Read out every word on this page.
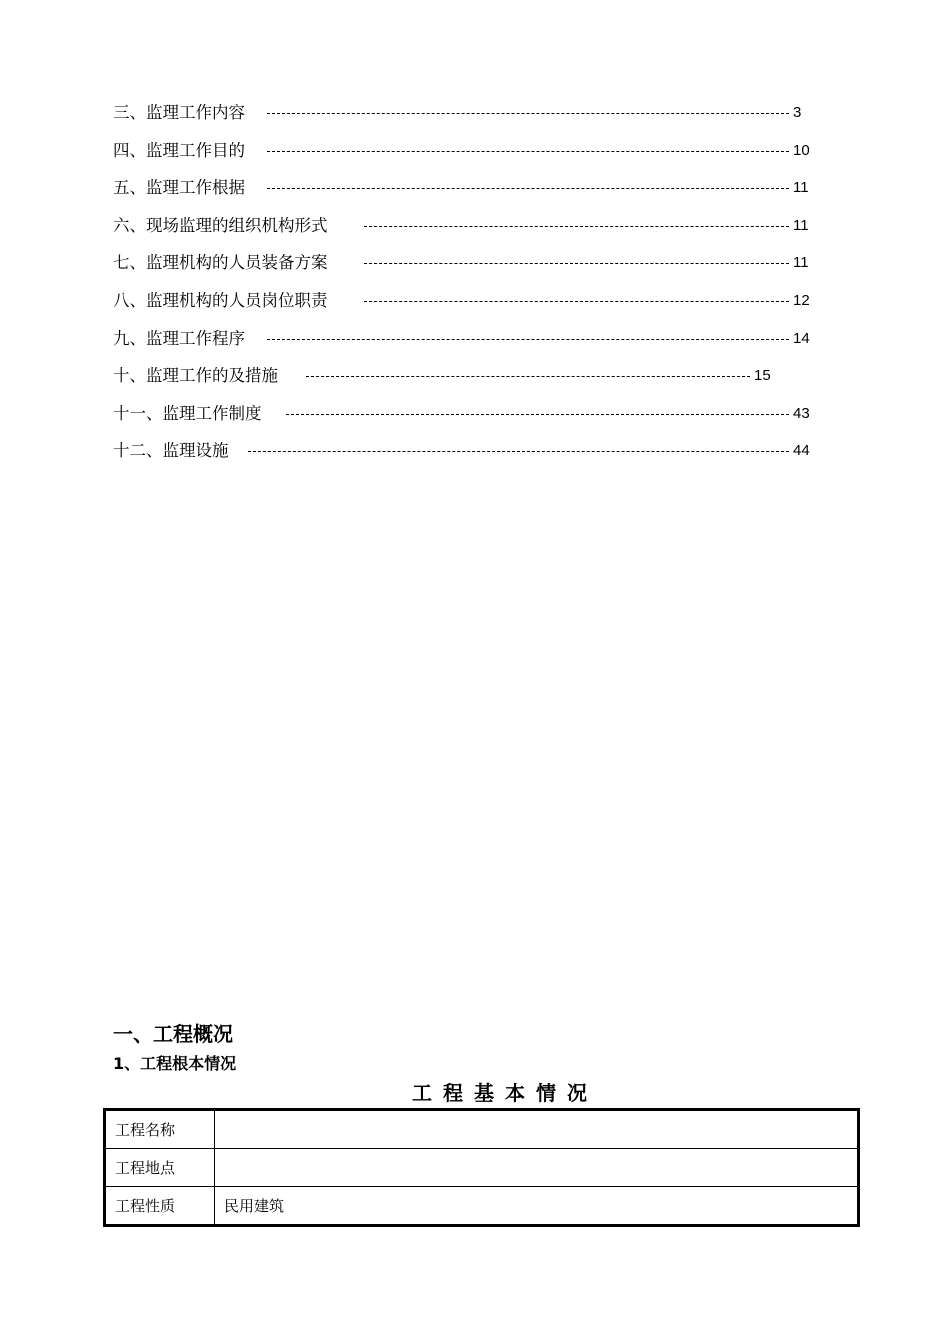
三、监理工作内容	3
四、监理工作目的	10
五、监理工作根据	11
六、现场监理的组织机构形式	11
七、监理机构的人员装备方案	11
八、监理机构的人员岗位职责	12
九、监理工作程序	14
十、监理工作的及措施	15
十一、监理工作制度	43
十二、监理设施	44
一、工程概况
1、工程根本情况
工程基本情况
工程名称	
工程地点	
工程性质	民用建筑
